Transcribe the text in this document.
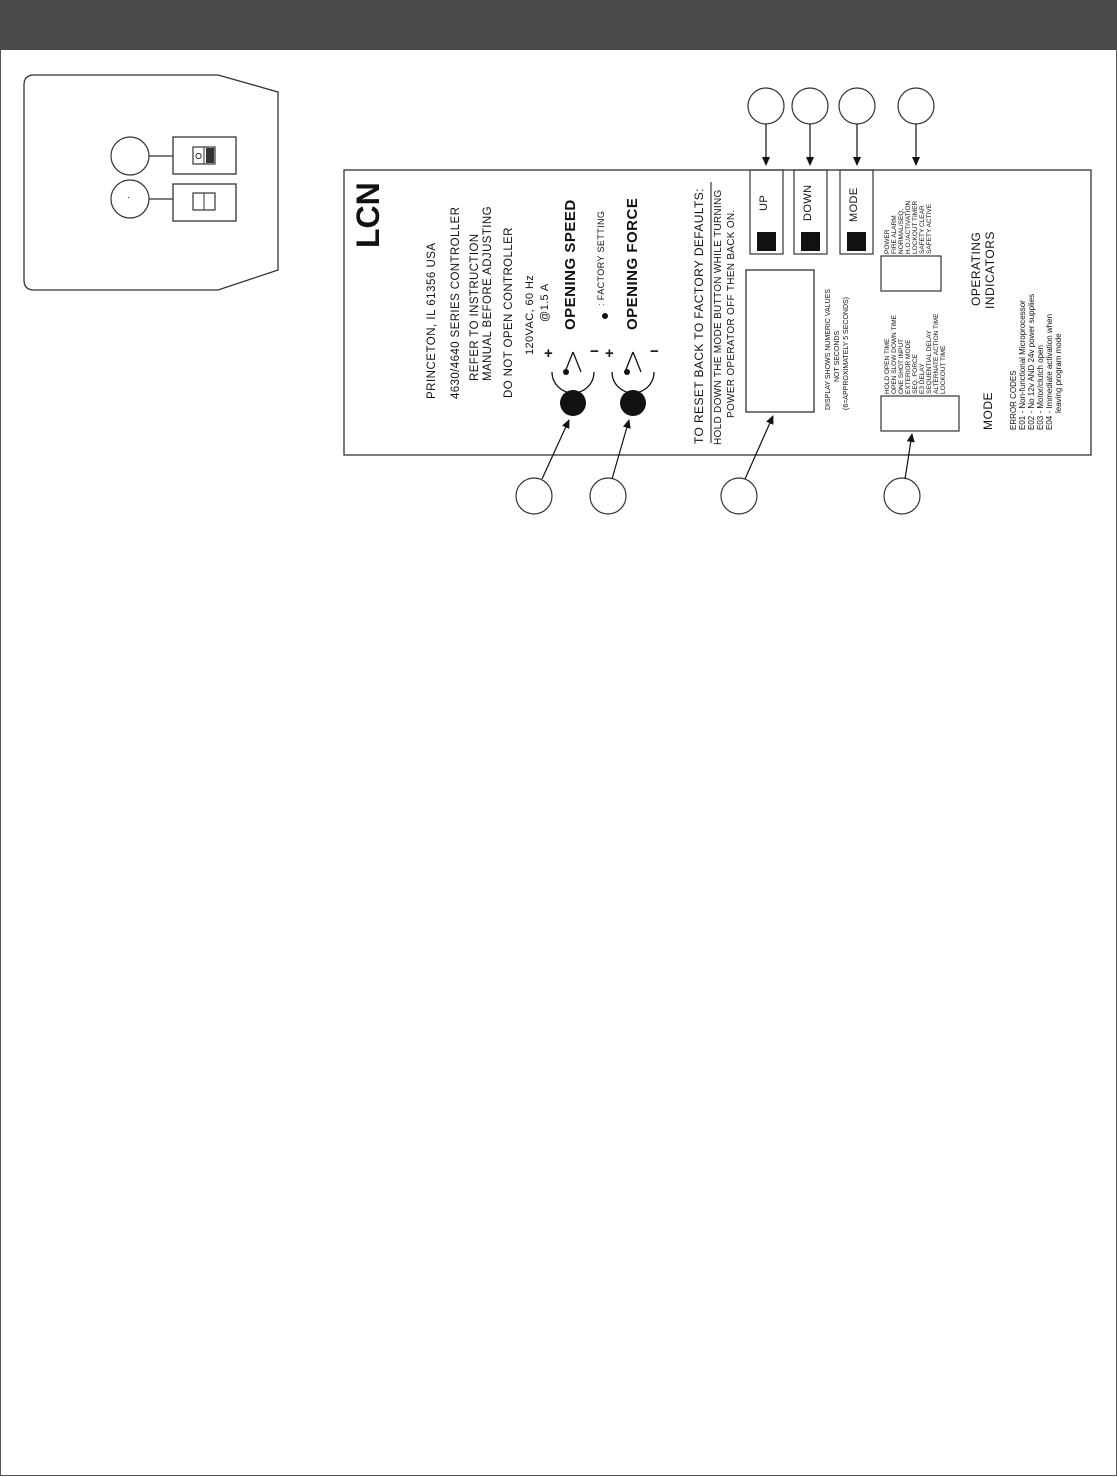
LCN
PRINCETON, IL 61356 USA 4630/4640 SERIES CONTROLLER REFER TO INSTRUCTION MANUAL BEFORE ADJUSTING DO NOT OPEN CONTROLLER 120VAC, 60 Hz @1.5 A OPENING SPEED : FACTORY SETTING OPENING FORCE
+ − + −	TO RESET BACK TO FACTORY DEFAULTS: HOLD DOWN THE MODE BUTTON WHILE TURNING POWER OPERATOR OFF THEN BACK ON.	DISPLAY SHOWS NUMERIC VALUES NOT SECONDS (6=APPROXIMATELY 5 SECONDS)
UP	DOWN	MODE
POWER FIRE ALARM NORMAL/SEQ. H.O./ACTIVATION LOCKOUT TIMER SAFETY CLEAR SAFETY ACTIVE
HOLD OPEN TIME OPEN SLOW DOWN TIME ONE SHOT INPUT EXTERIOR MODE SEQ. FORCE E3 DELAY SEQUENTIAL DELAY ALTERNATE ACTION TIME LOCKOUT TIME
OPERATING INDICATORS
MODE ERROR CODES E01 - Non-functional Microprocessor E02 - No 12v AND 24v power supplies E03 - Motor/clutch open E04 - Immediate activation when leaving program mode
·
